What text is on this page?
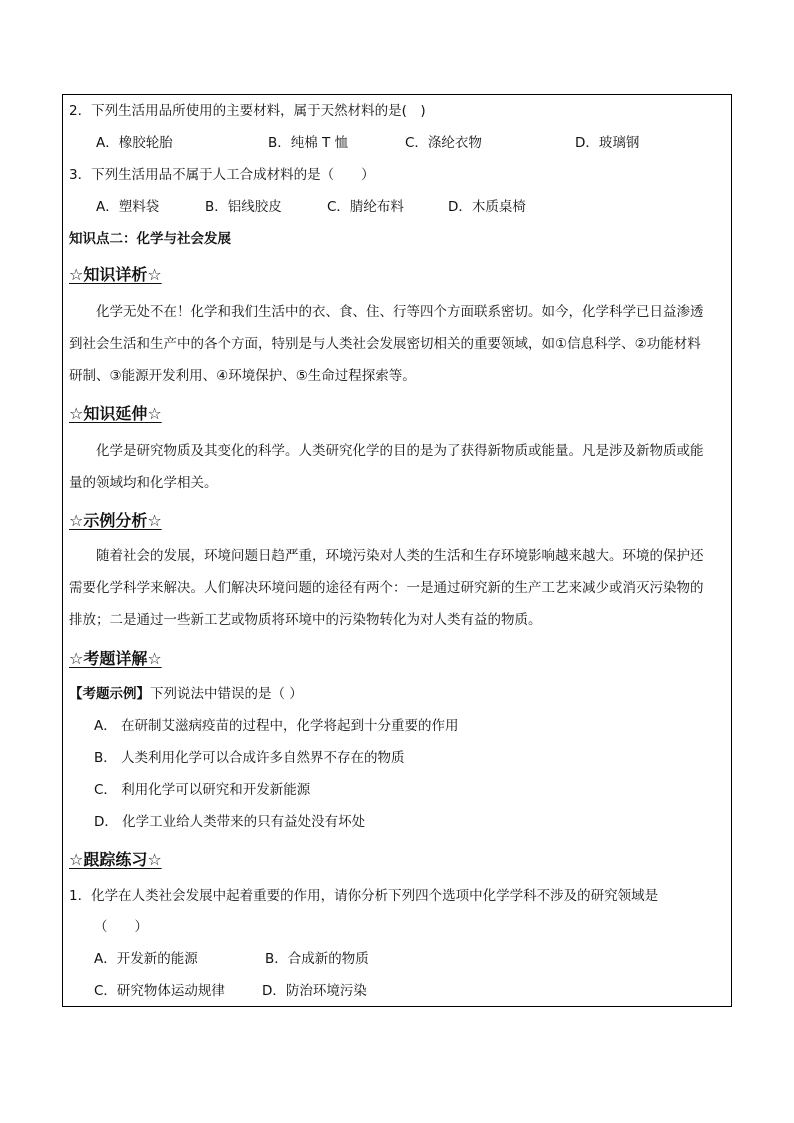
2．下列生活用品所使用的主要材料，属于天然材料的是(　)
A．橡胶轮胎	B．纯棉 T 恤	C．涤纶衣物	D．玻璃钢
3．下列生活用品不属于人工合成材料的是（　　）
A．塑料袋	B．铝线胶皮	C．腈纶布料	D．木质桌椅
知识点二：化学与社会发展
☆知识详析☆
化学无处不在！化学和我们生活中的衣、食、住、行等四个方面联系密切。如今，化学科学已日益渗透
到社会生活和生产中的各个方面，特别是与人类社会发展密切相关的重要领域，如①信息科学、②功能材料
研制、③能源开发利用、④环境保护、⑤生命过程探索等。
☆知识延伸☆
化学是研究物质及其变化的科学。人类研究化学的目的是为了获得新物质或能量。凡是涉及新物质或能
量的领域均和化学相关。
☆示例分析☆
随着社会的发展，环境问题日趋严重，环境污染对人类的生活和生存环境影响越来越大。环境的保护还
需要化学科学来解决。人们解决环境问题的途径有两个：一是通过研究新的生产工艺来减少或消灭污染物的
排放；二是通过一些新工艺或物质将环境中的污染物转化为对人类有益的物质。
☆考题详解☆
【考题示例】下列说法中错误的是（ ）
A． 在研制艾滋病疫苗的过程中，化学将起到十分重要的作用
B． 人类利用化学可以合成许多自然界不存在的物质
C． 利用化学可以研究和开发新能源
D． 化学工业给人类带来的只有益处没有坏处
☆跟踪练习☆
1．化学在人类社会发展中起着重要的作用，请你分析下列四个选项中化学学科不涉及的研究领域是
（　　）
A．开发新的能源	B．合成新的物质
C．研究物体运动规律	D．防治环境污染
